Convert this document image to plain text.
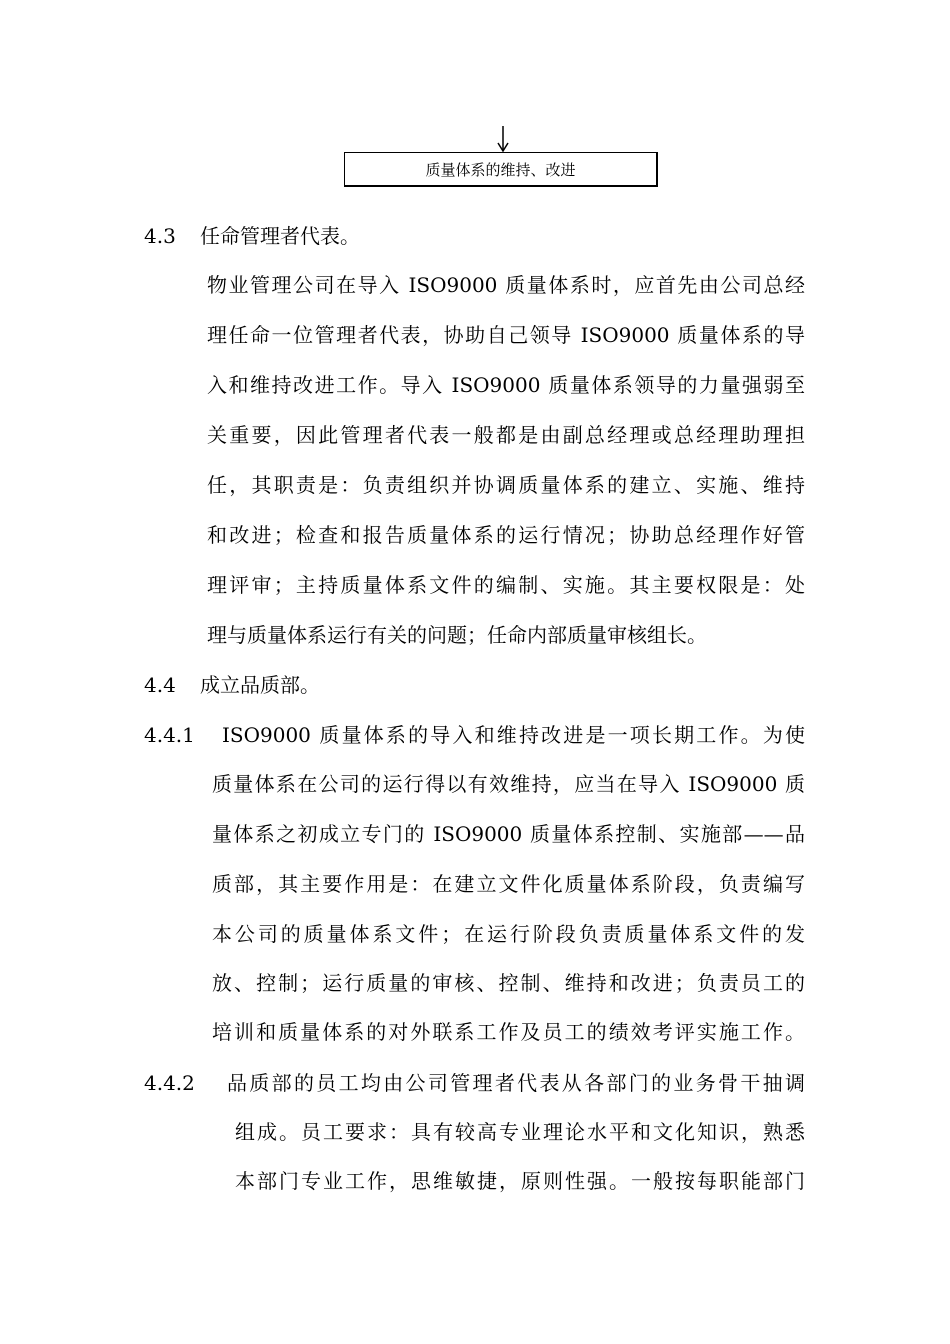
质量体系的维持、改进
4.3 任命管理者代表。
物业管理公司在导入 ISO9000 质量体系时，应首先由公司总经
理任命一位管理者代表，协助自己领导 ISO9000 质量体系的导
入和维持改进工作。导入 ISO9000 质量体系领导的力量强弱至
关重要，因此管理者代表一般都是由副总经理或总经理助理担
任，其职责是：负责组织并协调质量体系的建立、实施、维持
和改进；检查和报告质量体系的运行情况；协助总经理作好管
理评审；主持质量体系文件的编制、实施。其主要权限是：处
理与质量体系运行有关的问题；任命内部质量审核组长。
4.4 成立品质部。
4.4.1 ISO9000 质量体系的导入和维持改进是一项长期工作。为使
质量体系在公司的运行得以有效维持，应当在导入 ISO9000 质
量体系之初成立专门的 ISO9000 质量体系控制、实施部——品
质部，其主要作用是：在建立文件化质量体系阶段，负责编写
本公司的质量体系文件；在运行阶段负责质量体系文件的发
放、控制；运行质量的审核、控制、维持和改进；负责员工的
培训和质量体系的对外联系工作及员工的绩效考评实施工作。
4.4.2 品质部的员工均由公司管理者代表从各部门的业务骨干抽调
组成。员工要求：具有较高专业理论水平和文化知识，熟悉
本部门专业工作，思维敏捷，原则性强。一般按每职能部门
